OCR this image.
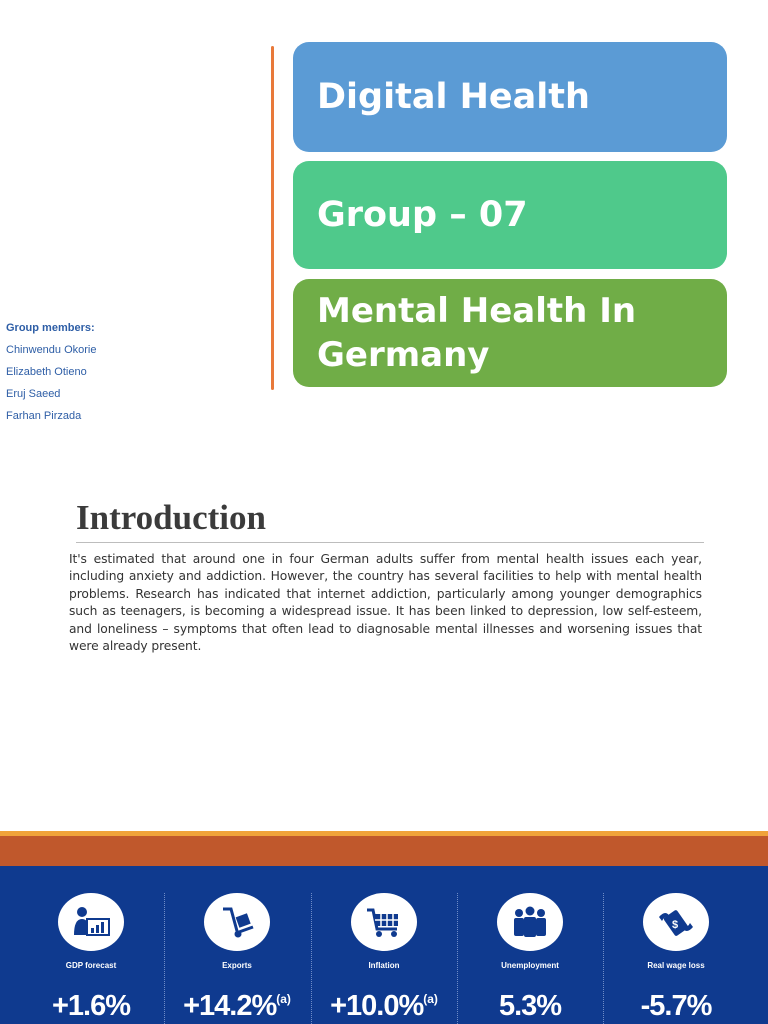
Group members:
Chinwendu Okorie
Elizabeth Otieno
Eruj Saeed
Farhan Pirzada
Digital Health
Group – 07
Mental Health In
Germany
Introduction
It's estimated that around one in four German adults suffer from mental health issues each year, including anxiety and addiction. However, the country has several facilities to help with mental health problems. Research has indicated that internet addiction, particularly among younger demographics such as teenagers, is becoming a widespread issue. It has been linked to depression, low self-esteem, and loneliness – symptoms that often lead to diagnosable mental illnesses and worsening issues that were already present.
GDP forecast
+1.6%
Exports
+14.2%$^{(a)}$
Inflation
+10.0%$^{(a)}$
Unemployment
5.3%
$
Real wage loss
-5.7%
